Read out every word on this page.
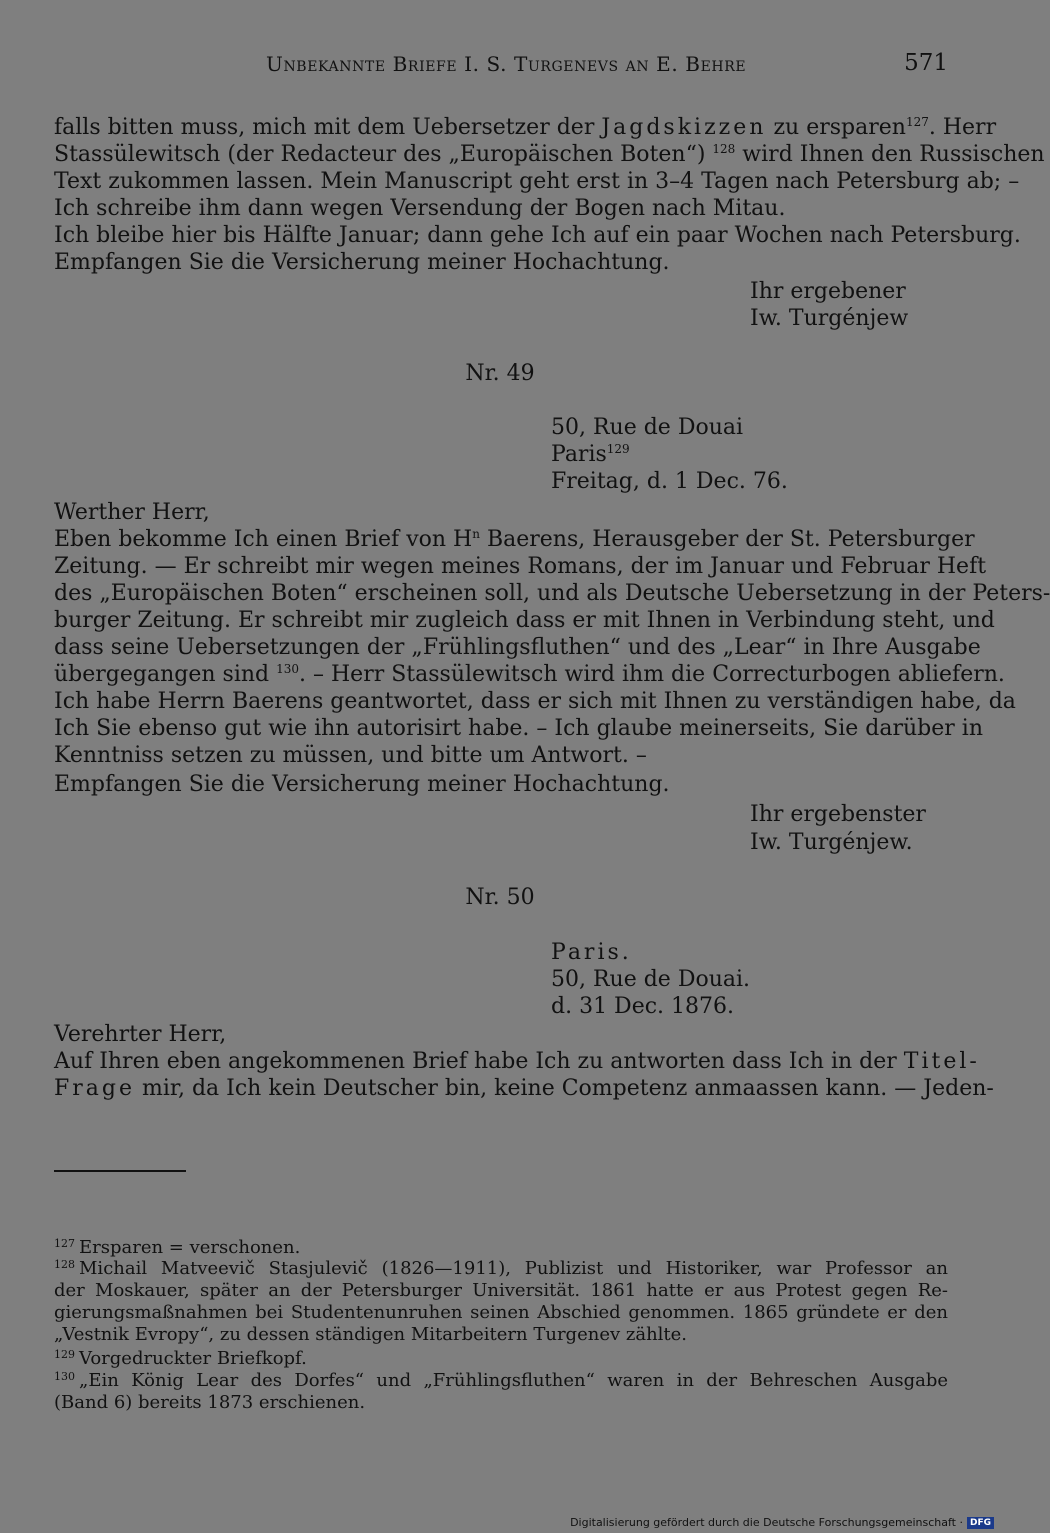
Unbekannte Briefe I. S. Turgenevs an E. Behre	571
falls bitten muss, mich mit dem Uebersetzer der Jagdskizzen zu ersparen$^{127}$. Herr
Stassülewitsch (der Redacteur des „Europäischen Boten“) $^{128}$ wird Ihnen den Russischen
Text zukommen lassen. Mein Manuscript geht erst in 3–4 Tagen nach Petersburg ab; –
Ich schreibe ihm dann wegen Versendung der Bogen nach Mitau.
Ich bleibe hier bis Hälfte Januar; dann gehe Ich auf ein paar Wochen nach Petersburg.
Empfangen Sie die Versicherung meiner Hochachtung.
Ihr ergebener
Iw. Turgénjew
Nr. 49
50, Rue de Douai
Paris$^{129}$
Freitag, d. 1 Dec. 76.
Werther Herr,
Eben bekomme Ich einen Brief von $H^n$ Baerens, Herausgeber der St. Petersburger
Zeitung. — Er schreibt mir wegen meines Romans, der im Januar und Februar Heft
des „Europäischen Boten“ erscheinen soll, und als Deutsche Uebersetzung in der Peters-
burger Zeitung. Er schreibt mir zugleich dass er mit Ihnen in Verbindung steht, und
dass seine Uebersetzungen der „Frühlingsfluthen“ und des „Lear“ in Ihre Ausgabe
übergegangen sind $^{130}$. – Herr Stassülewitsch wird ihm die Correcturbogen abliefern.
Ich habe Herrn Baerens geantwortet, dass er sich mit Ihnen zu verständigen habe, da
Ich Sie ebenso gut wie ihn autorisirt habe. – Ich glaube meinerseits, Sie darüber in
Kenntniss setzen zu müssen, und bitte um Antwort. –
Empfangen Sie die Versicherung meiner Hochachtung.
Ihr ergebenster
Iw. Turgénjew.
Nr. 50
Paris.
50, Rue de Douai.
d. 31 Dec. 1876.
Verehrter Herr,
Auf Ihren eben angekommenen Brief habe Ich zu antworten dass Ich in der Titel-
Frage mir, da Ich kein Deutscher bin, keine Competenz anmaassen kann. — Jeden-
$^{127}$ Ersparen = verschonen.
$^{128}$ Michail Matveevič Stasjulevič (1826—1911), Publizist und Historiker, war Professor an
der Moskauer, später an der Petersburger Universität. 1861 hatte er aus Protest gegen Re-
gierungsmaßnahmen bei Studentenunruhen seinen Abschied genommen. 1865 gründete er den
„Vestnik Evropy“, zu dessen ständigen Mitarbeitern Turgenev zählte.
$^{129}$ Vorgedruckter Briefkopf.
$^{130}$ „Ein König Lear des Dorfes“ und „Frühlingsfluthen“ waren in der Behreschen Ausgabe
(Band 6) bereits 1873 erschienen.
Digitalisierung gefördert durch die Deutsche Forschungsgemeinschaft · DFG
